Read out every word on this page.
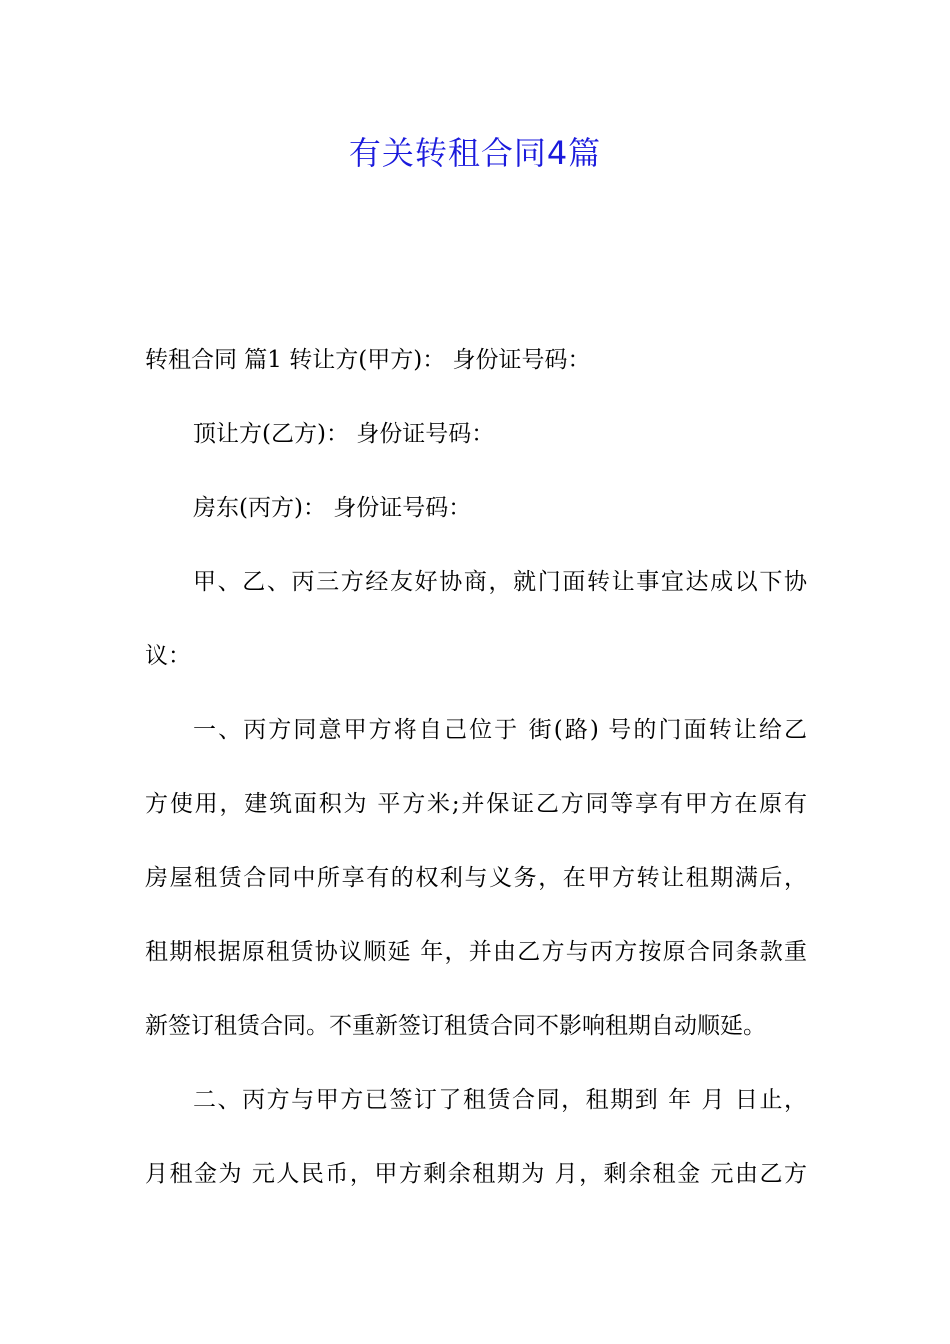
有关转租合同4篇
转租合同 篇1 转让方(甲方)： 身份证号码：
顶让方(乙方)： 身份证号码：
房东(丙方)： 身份证号码：
甲、乙、丙三方经友好协商，就门面转让事宜达成以下协
议：
一、丙方同意甲方将自己位于 街(路) 号的门面转让给乙
方使用，建筑面积为 平方米;并保证乙方同等享有甲方在原有
房屋租赁合同中所享有的权利与义务，在甲方转让租期满后，
租期根据原租赁协议顺延 年，并由乙方与丙方按原合同条款重
新签订租赁合同。不重新签订租赁合同不影响租期自动顺延。
二、丙方与甲方已签订了租赁合同，租期到 年 月 日止，
月租金为 元人民币，甲方剩余租期为 月，剩余租金 元由乙方
